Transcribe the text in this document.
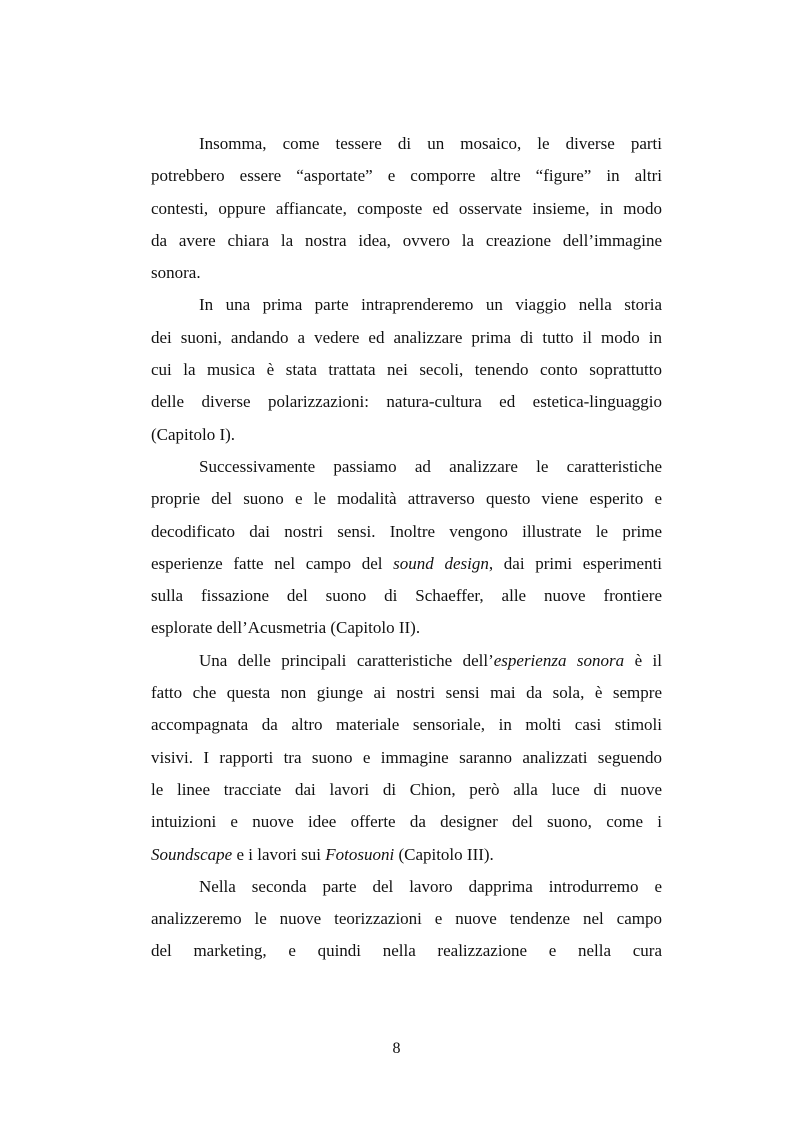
Insomma, come tessere di un mosaico, le diverse parti
potrebbero essere “asportate” e comporre altre “figure” in altri
contesti, oppure affiancate, composte ed osservate insieme, in modo
da avere chiara la nostra idea, ovvero la creazione dell’immagine
sonora.
In una prima parte intraprenderemo un viaggio nella storia
dei suoni, andando a vedere ed analizzare prima di tutto il modo in
cui la musica è stata trattata nei secoli, tenendo conto soprattutto
delle diverse polarizzazioni: natura-cultura ed estetica-linguaggio
(Capitolo I).
Successivamente passiamo ad analizzare le caratteristiche
proprie del suono e le modalità attraverso questo viene esperito e
decodificato dai nostri sensi. Inoltre vengono illustrate le prime
esperienze fatte nel campo del sound design, dai primi esperimenti
sulla fissazione del suono di Schaeffer, alle nuove frontiere
esplorate dell’Acusmetria (Capitolo II).
Una delle principali caratteristiche dell’esperienza sonora è il
fatto che questa non giunge ai nostri sensi mai da sola, è sempre
accompagnata da altro materiale sensoriale, in molti casi stimoli
visivi. I rapporti tra suono e immagine saranno analizzati seguendo
le linee tracciate dai lavori di Chion, però alla luce di nuove
intuizioni e nuove idee offerte da designer del suono, come i
Soundscape e i lavori sui Fotosuoni (Capitolo III).
Nella seconda parte del lavoro dapprima introdurremo e
analizzeremo le nuove teorizzazioni e nuove tendenze nel campo
del marketing, e quindi nella realizzazione e nella cura
8
